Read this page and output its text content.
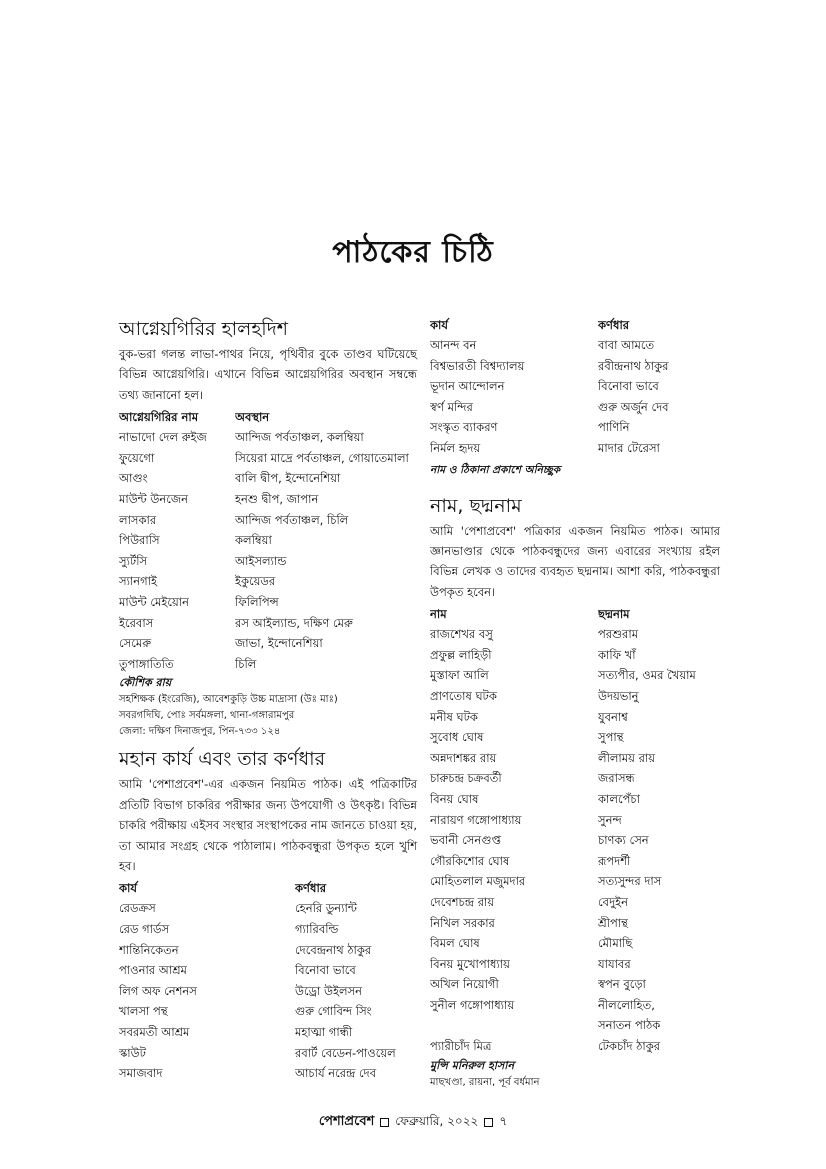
পাঠকের চিঠি
আগ্নেয়গিরির হালহদিশ

বুক-ভরা গলন্ত লাভা-পাথর নিয়ে, পৃথিবীর বুকে তাণ্ডব ঘটিয়েছে বিভিন্ন আগ্নেয়গিরি। এখানে বিভিন্ন আগ্নেয়গিরির অবস্থান সম্বন্ধে তথ্য জানানো হল।

আগ্নেয়গিরির নাম	অবস্থান
নাভাদো দেল রুইজ	আন্দিজ পর্বতাঞ্চল, কলম্বিয়া
ফুয়েগো	সিয়েরা মাদ্রে পর্বতাঞ্চল, গোয়াতেমালা
আগুং	বালি দ্বীপ, ইন্দোনেশিয়া
মাউন্ট উনজেন	হনশু দ্বীপ, জাপান
লাসকার	আন্দিজ পর্বতাঞ্চল, চিলি
পিউরাসি	কলম্বিয়া
স্যুর্টসি	আইসল্যান্ড
স্যানগাই	ইকুয়েডর
মাউন্ট মেইয়োন	ফিলিপিন্স
ইরেবাস	রস আইল্যান্ড, দক্ষিণ মেরু
সেমেরু	জাভা, ইন্দোনেশিয়া
তুপাঙ্গাতিতি	চিলি
কৌশিক রায়
সহশিক্ষক (ইংরেজি), আবেশকুড়ি উচ্চ মাদ্রাসা (উঃ মাঃ)
সবরগদিঘি, পোঃ সর্বমঙ্গলা, থানা-গঙ্গারামপুর
জেলা: দক্ষিণ দিনাজপুর, পিন-৭৩৩ ১২৪
মহান কার্য এবং তার কর্ণধার

আমি 'পেশাপ্রবেশ'-এর একজন নিয়মিত পাঠক। এই পত্রিকাটির প্রতিটি বিভাগ চাকরির পরীক্ষার জন্য উপযোগী ও উৎকৃষ্ট। বিভিন্ন চাকরি পরীক্ষায় এইসব সংস্থার সংস্থাপকের নাম জানতে চাওয়া হয়, তা আমার সংগ্রহ থেকে পাঠালাম। পাঠকবন্ধুরা উপকৃত হলে খুশি হব।

কার্য	কর্ণধার
রেডক্রস	হেনরি ডুন্যান্ট
রেড গার্ডস	গ্যারিবল্ডি
শান্তিনিকেতন	দেবেন্দ্রনাথ ঠাকুর
পাওনার আশ্রম	বিনোবা ভাবে
লিগ অফ নেশনস	উড্রো উইলসন
খালসা পন্থ	গুরু গোবিন্দ সিং
সবরমতী আশ্রম	মহাত্মা গান্ধী
স্কাউট	রবার্ট বেডেন-পাওয়েল
সমাজবাদ	আচার্য নরেন্দ্র দেব
কার্য	কর্ণধার
আনন্দ বন	বাবা আমতে
বিশ্বভারতী বিশ্বদ্যালয়	রবীন্দ্রনাথ ঠাকুর
ভূদান আন্দোলন	বিনোবা ভাবে
স্বর্ণ মন্দির	গুরু অর্জুন দেব
সংস্কৃত ব্যাকরণ	পাণিনি
নির্মল হৃদয়	মাদার টেরেসা
নাম ও ঠিকানা প্রকাশে অনিচ্ছুক
নাম, ছদ্মনাম

আমি 'পেশাপ্রবেশ' পত্রিকার একজন নিয়মিত পাঠক। আমার জ্ঞানভাণ্ডার থেকে পাঠকবন্ধুদের জন্য এবারের সংখ্যায় রইল বিভিন্ন লেখক ও তাদের ব্যবহৃত ছদ্মনাম। আশা করি, পাঠকবন্ধুরা উপকৃত হবেন।

নাম	ছদ্মনাম
রাজশেখর বসু	পরশুরাম
প্রফুল্ল লাহিড়ী	কাফি খাঁ
মুস্তাফা আলি	সত্যপীর, ওমর খৈয়াম
প্রাণতোষ ঘটক	উদয়ভানু
মনীষ ঘটক	যুবনাশ্ব
সুবোধ ঘোষ	সুপান্থ
অন্নদাশঙ্কর রায়	লীলাময় রায়
চারুচন্দ্র চক্রবর্তী	জরাসন্ধ
বিনয় ঘোষ	কালপেঁচা
নারায়ণ গঙ্গোপাধ্যায়	সুনন্দ
ভবানী সেনগুপ্ত	চাণক্য সেন
গৌরকিশোর ঘোষ	রূপদর্শী
মোহিতলাল মজুমদার	সত্যসুন্দর দাস
দেবেশচন্দ্র রায়	বেদুইন
নিখিল সরকার	শ্রীপান্থ
বিমল ঘোষ	মৌমাছি
বিনয় মুখোপাধ্যায়	যাযাবর
অখিল নিয়োগী	স্বপন বুড়ো
সুনীল গঙ্গোপাধ্যায়	নীললোহিত,
সনাতন পাঠক
প্যারীচাঁদ মিত্র	টেকচাঁদ ঠাকুর
মুন্সি মনিরুল হাসান
মাছখণ্ডা, রায়না, পূর্ব বর্ধমান
পেশাপ্রবেশ ফেব্রুয়ারি, ২০২২ ৭
